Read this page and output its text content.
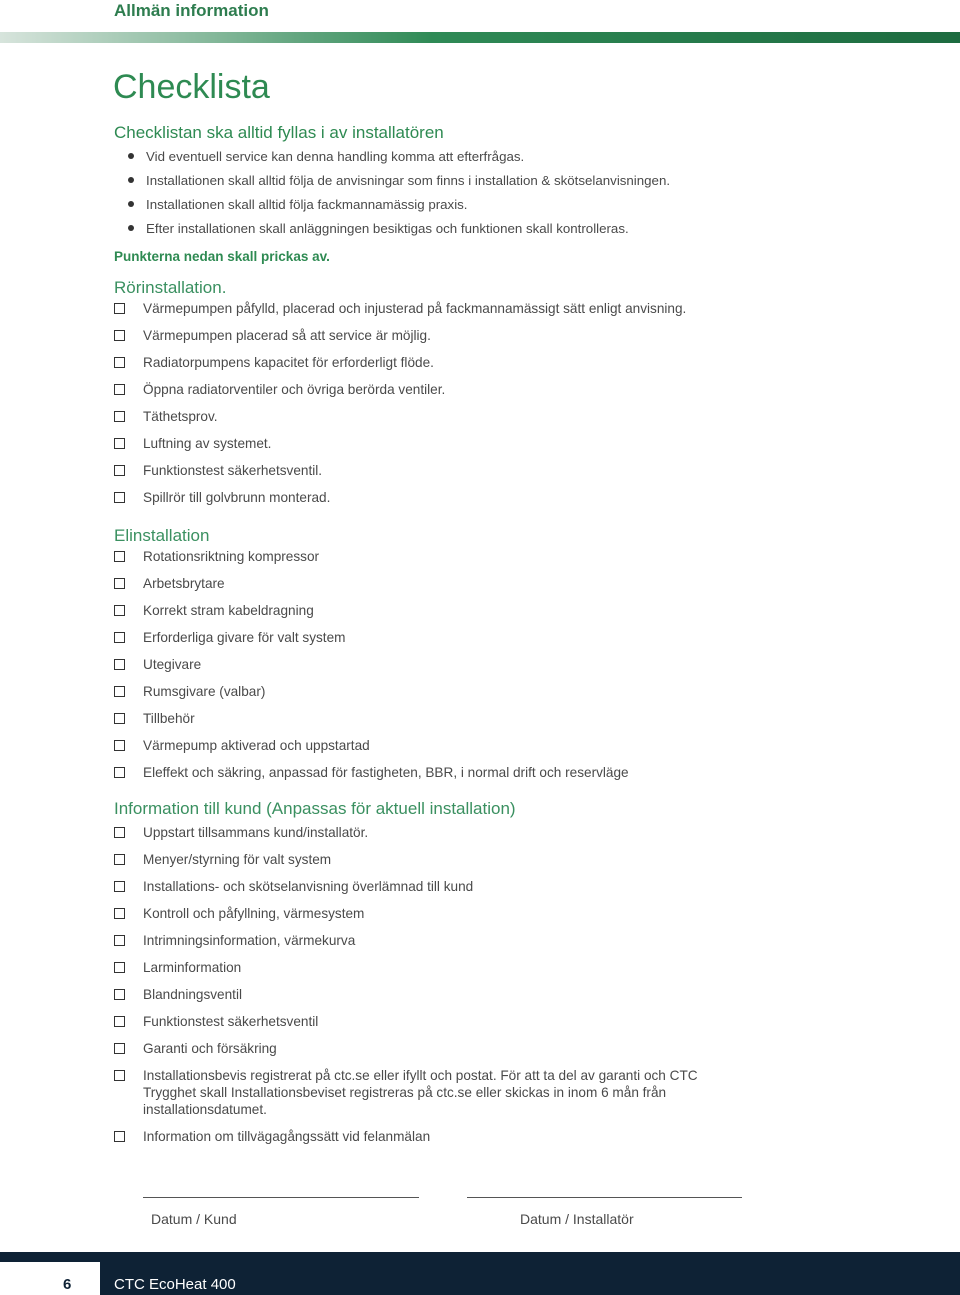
Allmän information
Checklista
Checklistan ska alltid fyllas i av installatören
Vid eventuell service kan denna handling komma att efterfrågas.
Installationen skall alltid följa de anvisningar som finns i installation & skötselanvisningen.
Installationen skall alltid följa fackmannamässig praxis.
Efter installationen skall anläggningen besiktigas och funktionen skall kontrolleras.
Punkterna nedan skall prickas av.
Rörinstallation.
Värmepumpen påfylld, placerad och injusterad på fackmannamässigt sätt enligt anvisning.
Värmepumpen placerad så att service är möjlig.
Radiatorpumpens kapacitet för erforderligt flöde.
Öppna radiatorventiler och övriga berörda ventiler.
Täthetsprov.
Luftning av systemet.
Funktionstest säkerhetsventil.
Spillrör till golvbrunn monterad.
Elinstallation
Rotationsriktning kompressor
Arbetsbrytare
Korrekt stram kabeldragning
Erforderliga givare för valt system
Utegivare
Rumsgivare (valbar)
Tillbehör
Värmepump aktiverad och uppstartad
Eleffekt och säkring, anpassad för fastigheten, BBR, i normal drift och reservläge
Information till kund (Anpassas för aktuell installation)
Uppstart tillsammans kund/installatör.
Menyer/styrning för valt system
Installations- och skötselanvisning överlämnad till kund
Kontroll och påfyllning, värmesystem
Intrimningsinformation, värmekurva
Larminformation
Blandningsventil
Funktionstest säkerhetsventil
Garanti och försäkring
Installationsbevis registrerat på ctc.se eller ifyllt och postat. För att ta del av garanti och CTC Trygghet skall Installationsbeviset registreras på ctc.se eller skickas in inom 6 mån från installationsdatumet.
Information om tillvägagångssätt vid felanmälan
Datum / Kund	Datum / Installatör
6	CTC EcoHeat 400
